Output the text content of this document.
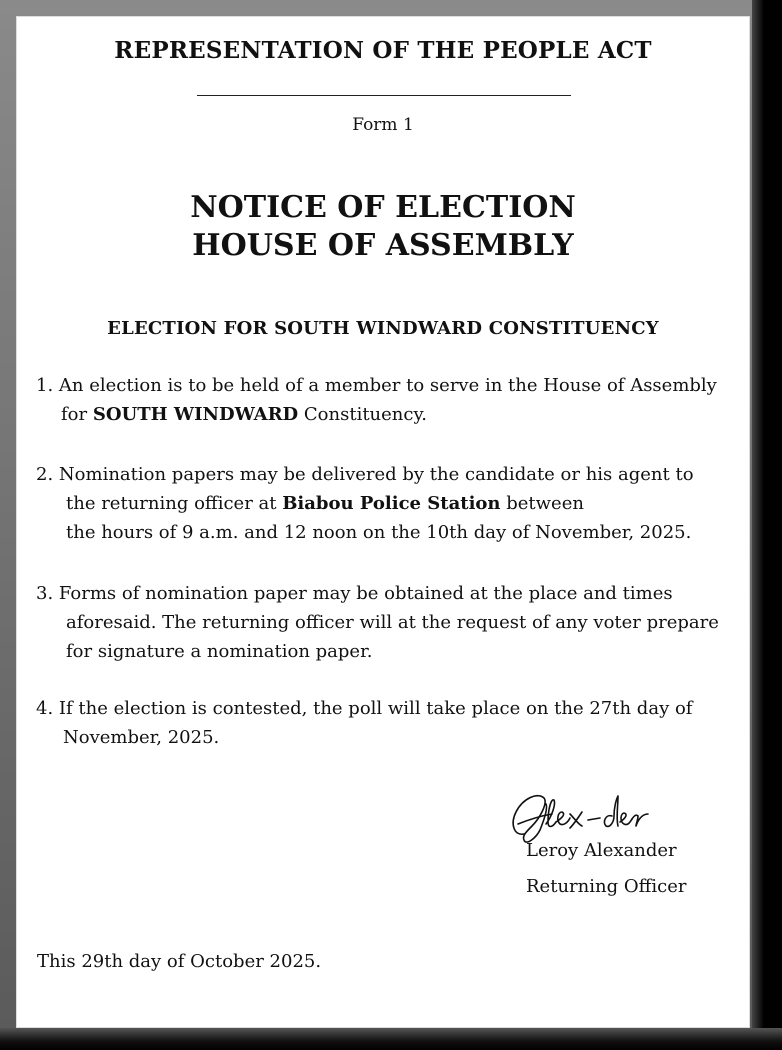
REPRESENTATION OF THE PEOPLE ACT
Form 1
NOTICE OF ELECTION
HOUSE OF ASSEMBLY
ELECTION FOR SOUTH WINDWARD CONSTITUENCY
1. An election is to be held of a member to serve in the House of Assembly
for SOUTH WINDWARD Constituency.
2. Nomination papers may be delivered by the candidate or his agent to
the returning officer at Biabou Police Station between
the hours of 9 a.m. and 12 noon on the 10th day of November, 2025.
3. Forms of nomination paper may be obtained at the place and times
aforesaid. The returning officer will at the request of any voter prepare
for signature a nomination paper.
4. If the election is contested, the poll will take place on the 27th day of
November, 2025.
Leroy Alexander
Returning Officer
This 29th day of October 2025.
